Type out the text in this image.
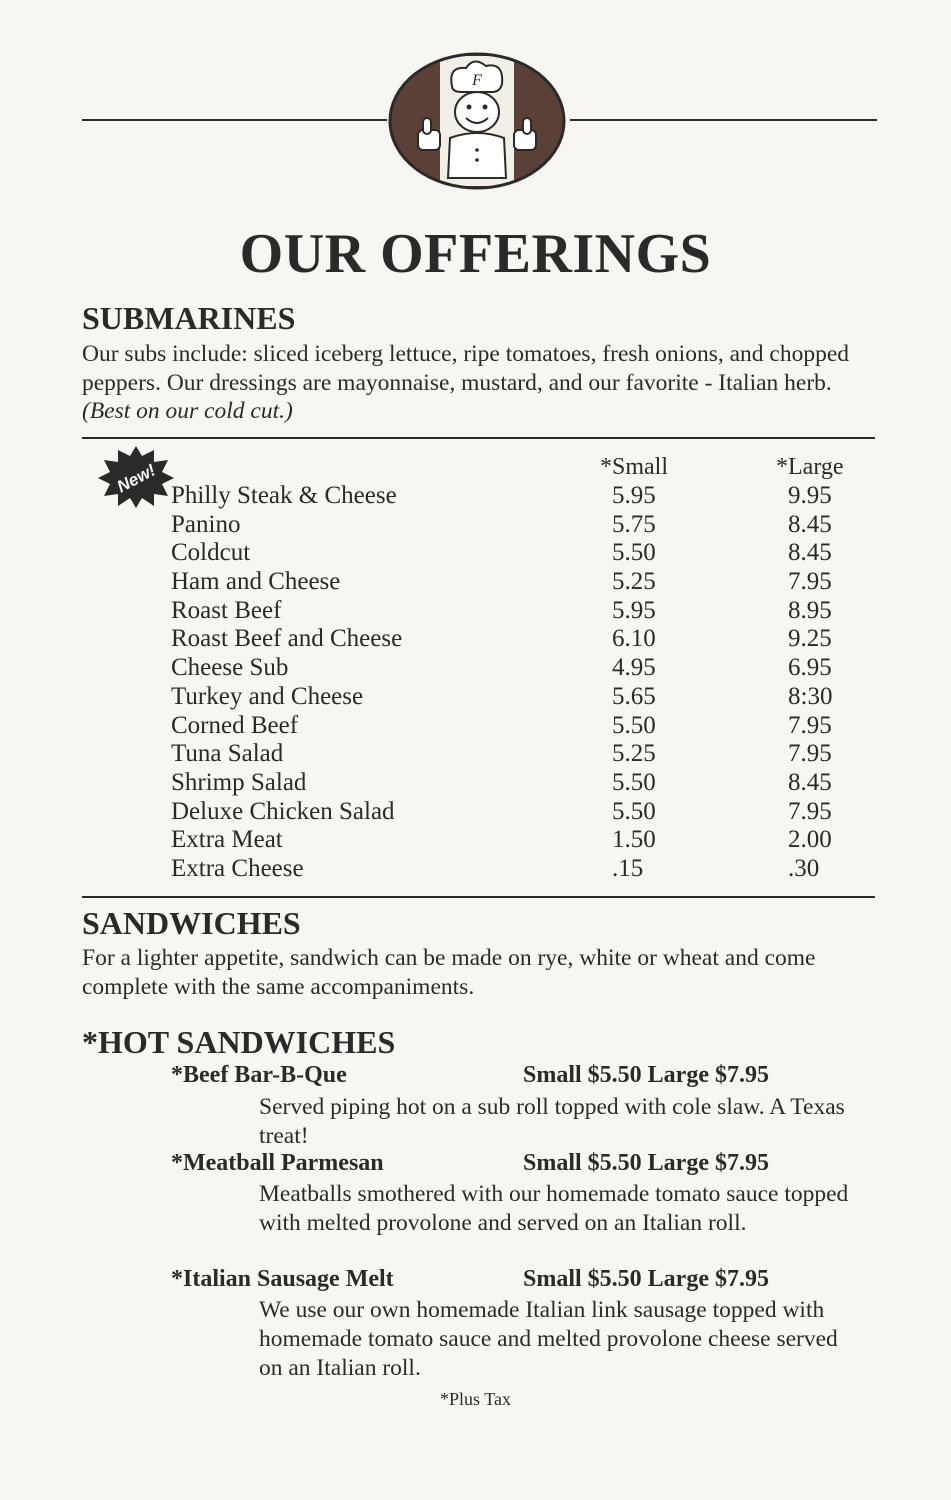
F
OUR OFFERINGS
SUBMARINES
Our subs include: sliced iceberg lettuce, ripe tomatoes, fresh onions, and chopped peppers. Our dressings are mayonnaise, mustard, and our favorite - Italian herb. (Best on our cold cut.)
New!	*Small	*Large
Philly Steak & Cheese	5.95	9.95
Panino	5.75	8.45
Coldcut	5.50	8.45
Ham and Cheese	5.25	7.95
Roast Beef	5.95	8.95
Roast Beef and Cheese	6.10	9.25
Cheese Sub	4.95	6.95
Turkey and Cheese	5.65	8:30
Corned Beef	5.50	7.95
Tuna Salad	5.25	7.95
Shrimp Salad	5.50	8.45
Deluxe Chicken Salad	5.50	7.95
Extra Meat	1.50	2.00
Extra Cheese	.15	.30
SANDWICHES
For a lighter appetite, sandwich can be made on rye, white or wheat and come complete with the same accompaniments.
*HOT SANDWICHES
*Beef Bar-B-Que	Small $5.50 Large $7.95
Served piping hot on a sub roll topped with cole slaw. A Texas treat!
*Meatball Parmesan	Small $5.50 Large $7.95
Meatballs smothered with our homemade tomato sauce topped with melted provolone and served on an Italian roll.
*Italian Sausage Melt	Small $5.50 Large $7.95
We use our own homemade Italian link sausage topped with homemade tomato sauce and melted provolone cheese served on an Italian roll.
*Plus Tax
